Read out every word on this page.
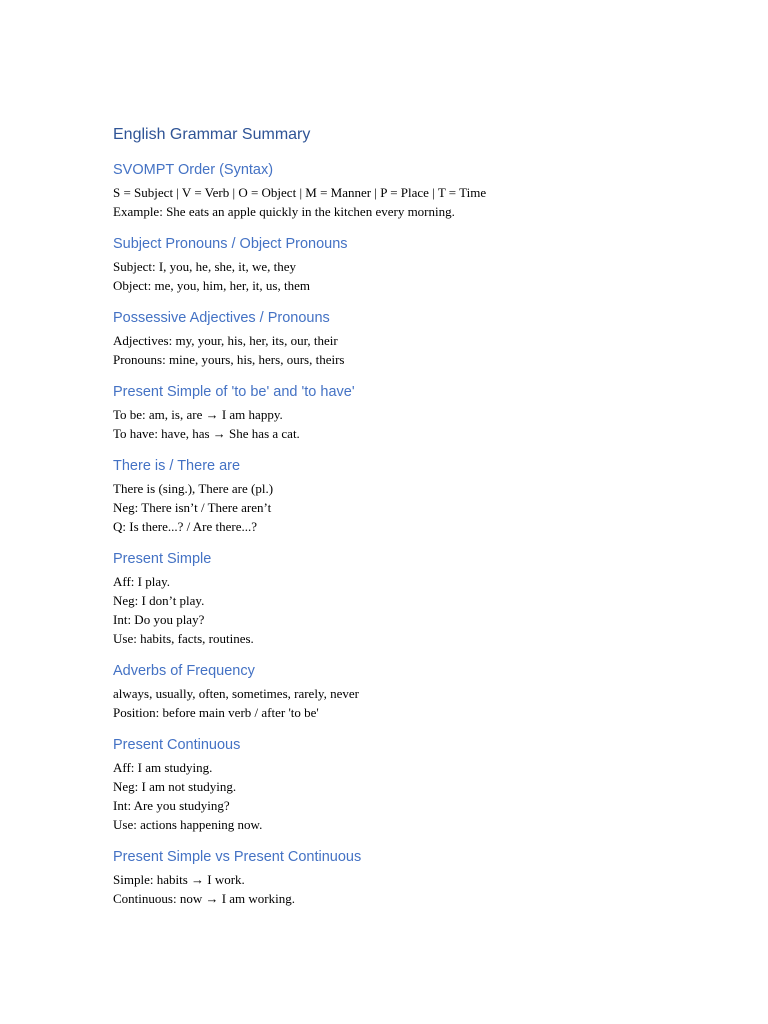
English Grammar Summary
SVOMPT Order (Syntax)

S = Subject | V = Verb | O = Object | M = Manner | P = Place | T = Time

Example: She eats an apple quickly in the kitchen every morning.

Subject Pronouns / Object Pronouns

Subject: I, you, he, she, it, we, they

Object: me, you, him, her, it, us, them

Possessive Adjectives / Pronouns

Adjectives: my, your, his, her, its, our, their

Pronouns: mine, yours, his, hers, ours, theirs

Present Simple of 'to be' and 'to have'

To be: am, is, are → I am happy.

To have: have, has → She has a cat.

There is / There are

There is (sing.), There are (pl.)

Neg: There isn’t / There aren’t

Q: Is there...? / Are there...?

Present Simple

Aff: I play.

Neg: I don’t play.

Int: Do you play?

Use: habits, facts, routines.

Adverbs of Frequency

always, usually, often, sometimes, rarely, never

Position: before main verb / after 'to be'

Present Continuous

Aff: I am studying.

Neg: I am not studying.

Int: Are you studying?

Use: actions happening now.

Present Simple vs Present Continuous

Simple: habits → I work.

Continuous: now → I am working.
